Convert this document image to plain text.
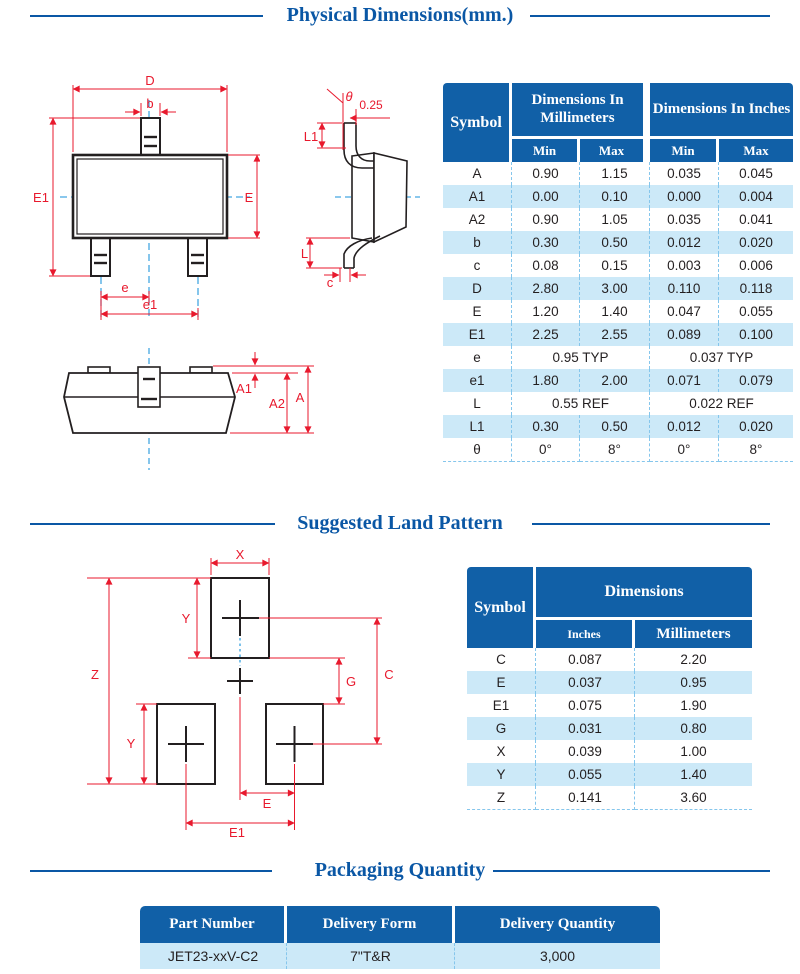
Physical Dimensions(mm.)
D
b
E1	E
e
e1
θ
0.25
L1
L
c
A1
A2 A
Symbol	Dimensions In Millimeters		Dimensions In Inches	
	Min	Max	Min	Max
A	0.90	1.15	0.035	0.045
A1	0.00	0.10	0.000	0.004
A2	0.90	1.05	0.035	0.041
b	0.30	0.50	0.012	0.020
c	0.08	0.15	0.003	0.006
D	2.80	3.00	0.110	0.118
E	1.20	1.40	0.047	0.055
E1	2.25	2.55	0.089	0.100
e	0.95 TYP		0.037 TYP	
e1	1.80	2.00	0.071	0.079
L	0.55 REF		0.022 REF	
L1	0.30	0.50	0.012	0.020
θ	0°	8°	0°	8°
Suggested Land Pattern
X
Y
Z	C
G
Y
E
E1
Symbol	Dimensions	
	Inches	Millimeters
C	0.087	2.20
E	0.037	0.95
E1	0.075	1.90
G	0.031	0.80
X	0.039	1.00
Y	0.055	1.40
Z	0.141	3.60
Packaging Quantity
Part Number	Delivery Form	Delivery Quantity
JET23-xxV-C2	7"T&R	3,000
